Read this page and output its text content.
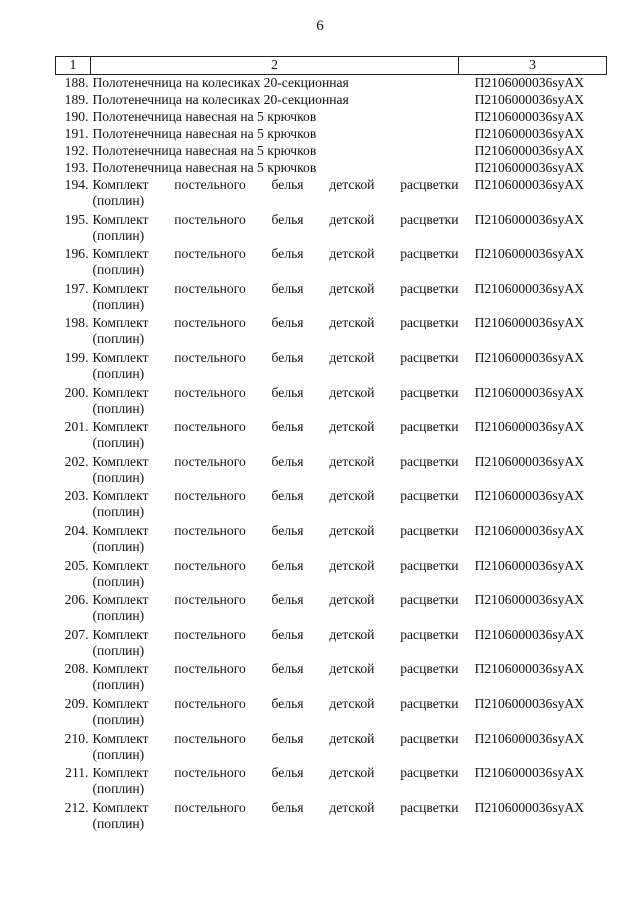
6
1	2	3
188.	Полотенечница на колесиках 20-секционная	П2106000036syAX
189.	Полотенечница на колесиках 20-секционная	П2106000036syAX
190.	Полотенечница навесная на 5 крючков	П2106000036syAX
191.	Полотенечница навесная на 5 крючков	П2106000036syAX
192.	Полотенечница навесная на 5 крючков	П2106000036syAX
193.	Полотенечница навесная на 5 крючков	П2106000036syAX
194.	Комплект постельного белья детской расцветки
(поплин)	П2106000036syAX
195.	Комплект постельного белья детской расцветки
(поплин)	П2106000036syAX
196.	Комплект постельного белья детской расцветки
(поплин)	П2106000036syAX
197.	Комплект постельного белья детской расцветки
(поплин)	П2106000036syAX
198.	Комплект постельного белья детской расцветки
(поплин)	П2106000036syAX
199.	Комплект постельного белья детской расцветки
(поплин)	П2106000036syAX
200.	Комплект постельного белья детской расцветки
(поплин)	П2106000036syAX
201.	Комплект постельного белья детской расцветки
(поплин)	П2106000036syAX
202.	Комплект постельного белья детской расцветки
(поплин)	П2106000036syAX
203.	Комплект постельного белья детской расцветки
(поплин)	П2106000036syAX
204.	Комплект постельного белья детской расцветки
(поплин)	П2106000036syAX
205.	Комплект постельного белья детской расцветки
(поплин)	П2106000036syAX
206.	Комплект постельного белья детской расцветки
(поплин)	П2106000036syAX
207.	Комплект постельного белья детской расцветки
(поплин)	П2106000036syAX
208.	Комплект постельного белья детской расцветки
(поплин)	П2106000036syAX
209.	Комплект постельного белья детской расцветки
(поплин)	П2106000036syAX
210.	Комплект постельного белья детской расцветки
(поплин)	П2106000036syAX
211.	Комплект постельного белья детской расцветки
(поплин)	П2106000036syAX
212.	Комплект постельного белья детской расцветки
(поплин)	П2106000036syAX
